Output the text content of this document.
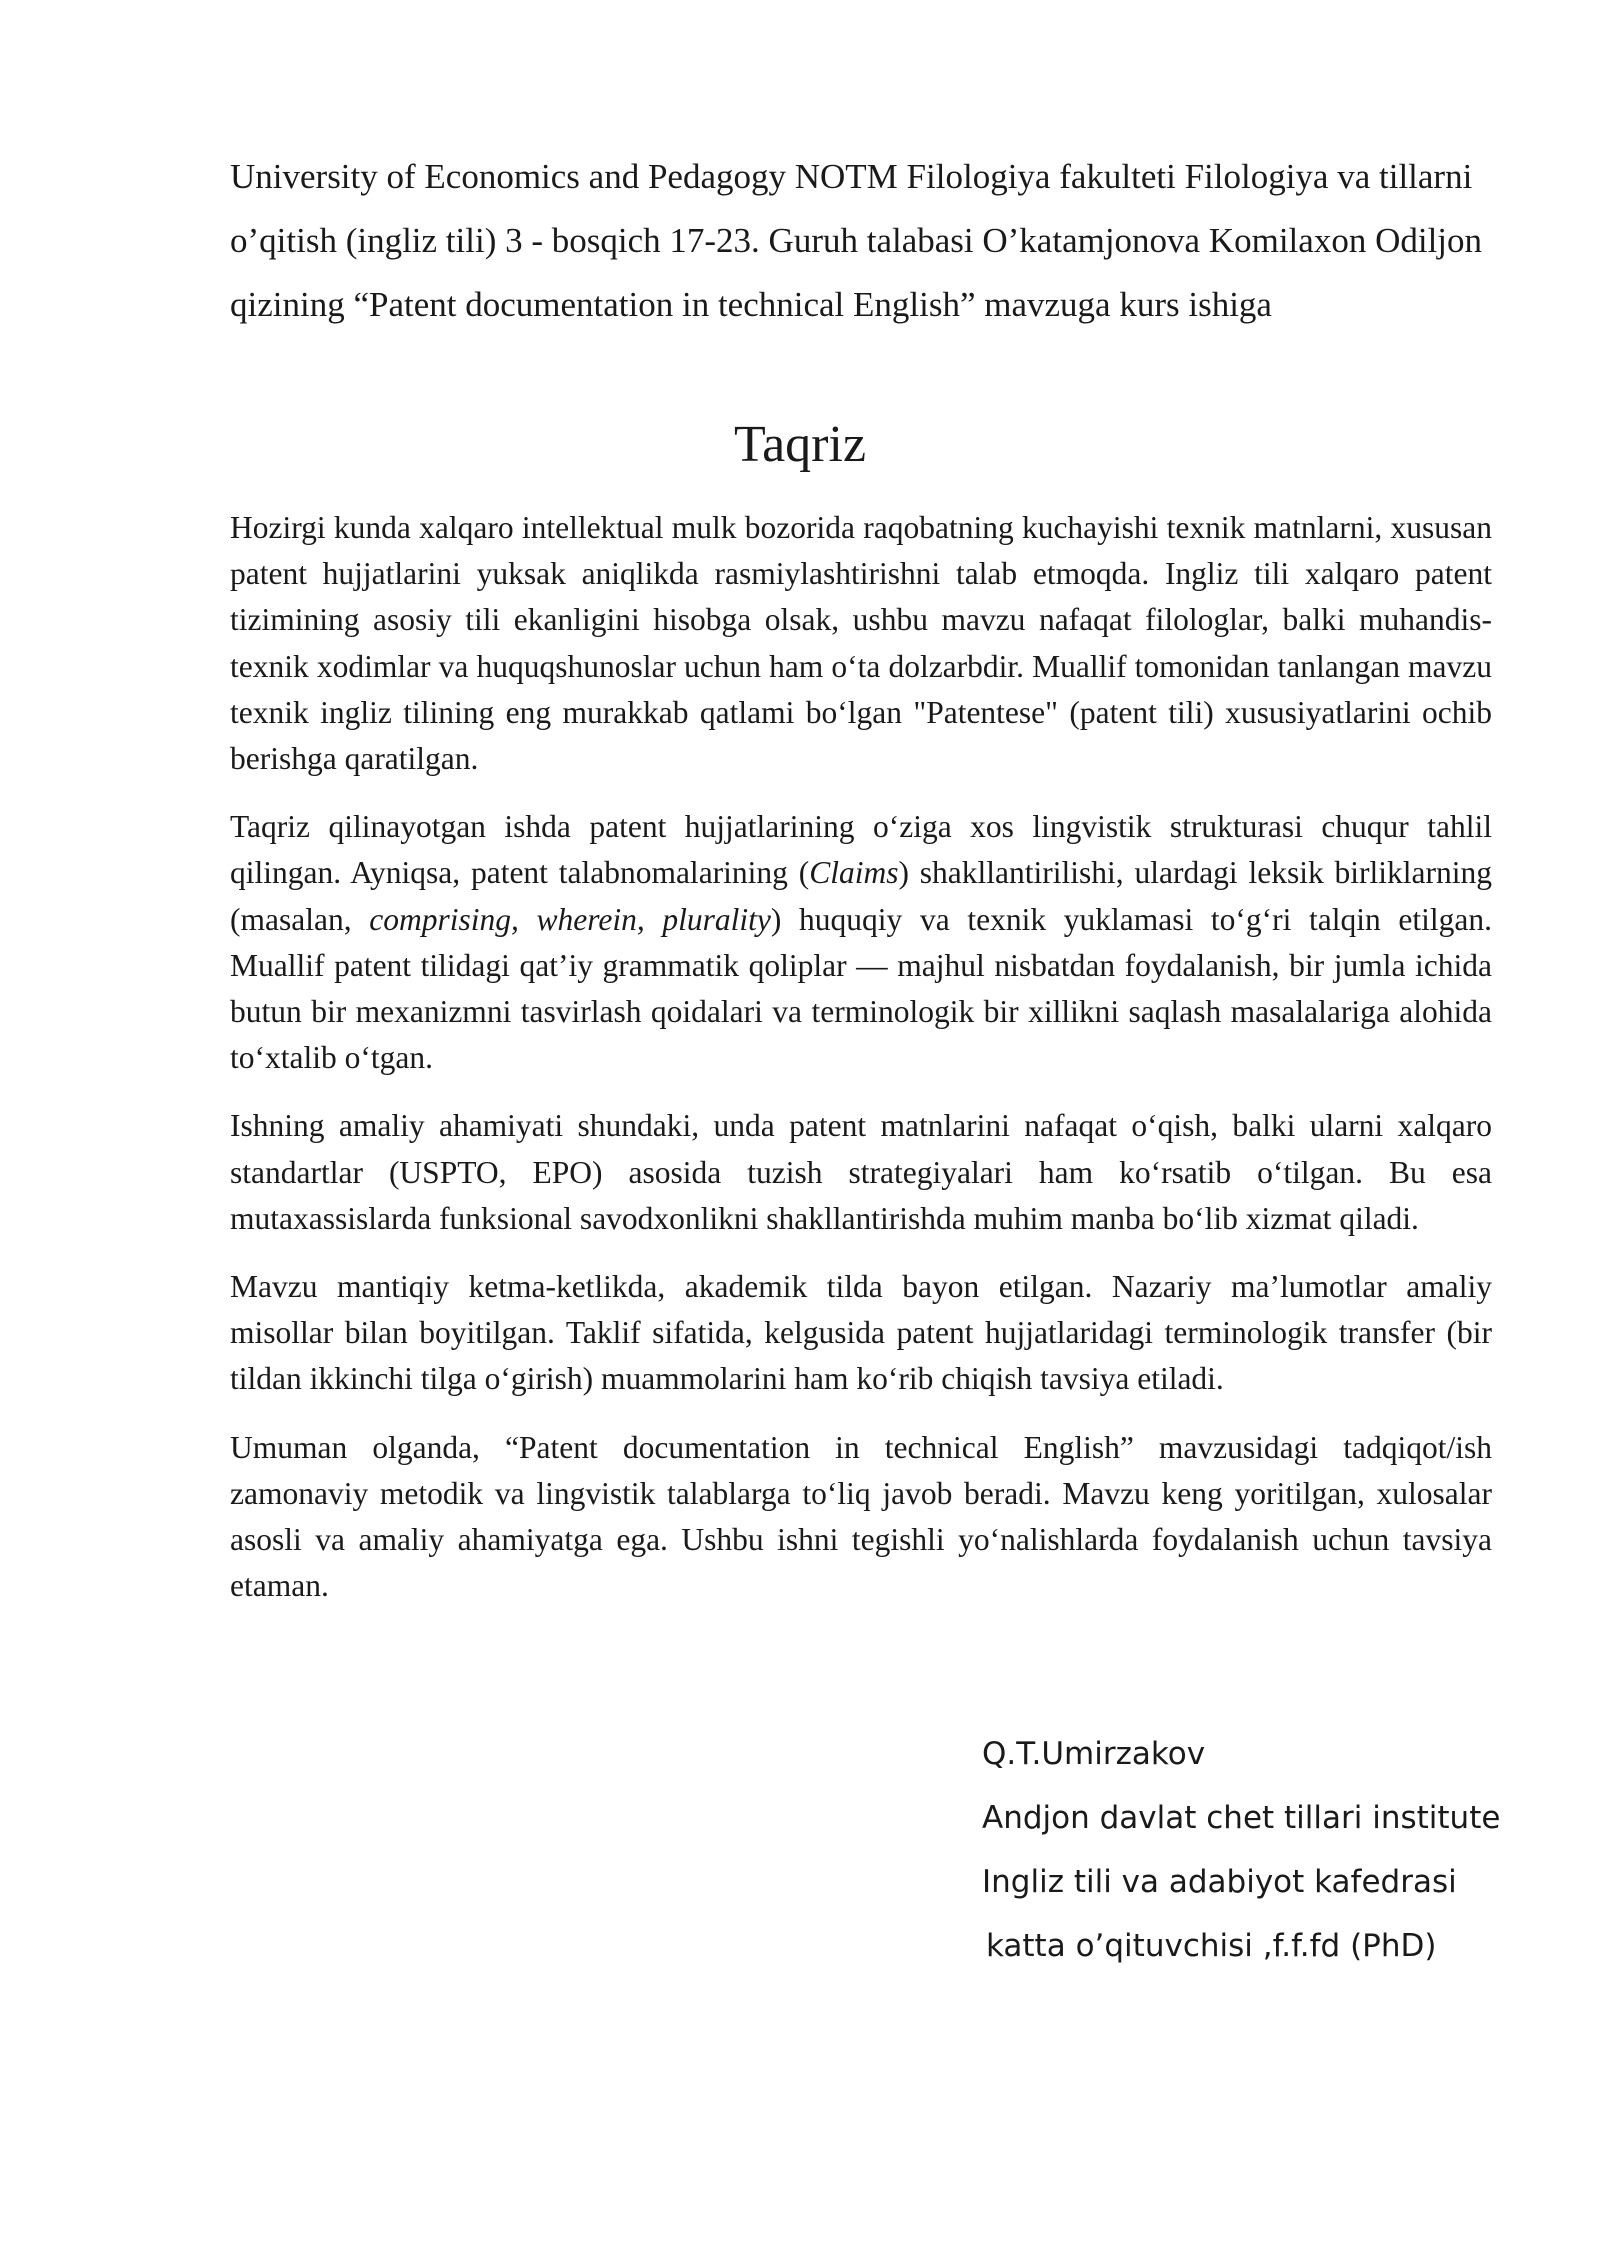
University of Economics and Pedagogy NOTM Filologiya fakulteti Filologiya va tillarni o’qitish (ingliz tili) 3 - bosqich 17-23. Guruh talabasi O’katamjonova Komilaxon Odiljon qizining “Patent documentation in technical English” mavzuga kurs ishiga

Taqriz

Hozirgi kunda xalqaro intellektual mulk bozorida raqobatning kuchayishi texnik matnlarni, xususan patent hujjatlarini yuksak aniqlikda rasmiylashtirishni talab etmoqda. Ingliz tili xalqaro patent tizimining asosiy tili ekanligini hisobga olsak, ushbu mavzu nafaqat filologlar, balki muhandis-texnik xodimlar va huquqshunoslar uchun ham o‘ta dolzarbdir. Muallif tomonidan tanlangan mavzu texnik ingliz tilining eng murakkab qatlami bo‘lgan "Patentese" (patent tili) xususiyatlarini ochib berishga qaratilgan.

Taqriz qilinayotgan ishda patent hujjatlarining o‘ziga xos lingvistik strukturasi chuqur tahlil qilingan. Ayniqsa, patent talabnomalarining (Claims) shakllantirilishi, ulardagi leksik birliklarning (masalan, comprising, wherein, plurality) huquqiy va texnik yuklamasi to‘g‘ri talqin etilgan. Muallif patent tilidagi qat’iy grammatik qoliplar — majhul nisbatdan foydalanish, bir jumla ichida butun bir mexanizmni tasvirlash qoidalari va terminologik bir xillikni saqlash masalalariga alohida to‘xtalib o‘tgan.

Ishning amaliy ahamiyati shundaki, unda patent matnlarini nafaqat o‘qish, balki ularni xalqaro standartlar (USPTO, EPO) asosida tuzish strategiyalari ham ko‘rsatib o‘tilgan. Bu esa mutaxassislarda funksional savodxonlikni shakllantirishda muhim manba bo‘lib xizmat qiladi.

Mavzu mantiqiy ketma-ketlikda, akademik tilda bayon etilgan. Nazariy ma’lumotlar amaliy misollar bilan boyitilgan. Taklif sifatida, kelgusida patent hujjatlaridagi terminologik transfer (bir tildan ikkinchi tilga o‘girish) muammolarini ham ko‘rib chiqish tavsiya etiladi.

Umuman olganda, “Patent documentation in technical English” mavzusidagi tadqiqot/ish zamonaviy metodik va lingvistik talablarga to‘liq javob beradi. Mavzu keng yoritilgan, xulosalar asosli va amaliy ahamiyatga ega. Ushbu ishni tegishli yo‘nalishlarda foydalanish uchun tavsiya etaman.

Q.T.Umirzakov
Andjon davlat chet tillari institute
Ingliz tili va adabiyot kafedrasi
katta o’qituvchisi ,f.f.fd (PhD)
